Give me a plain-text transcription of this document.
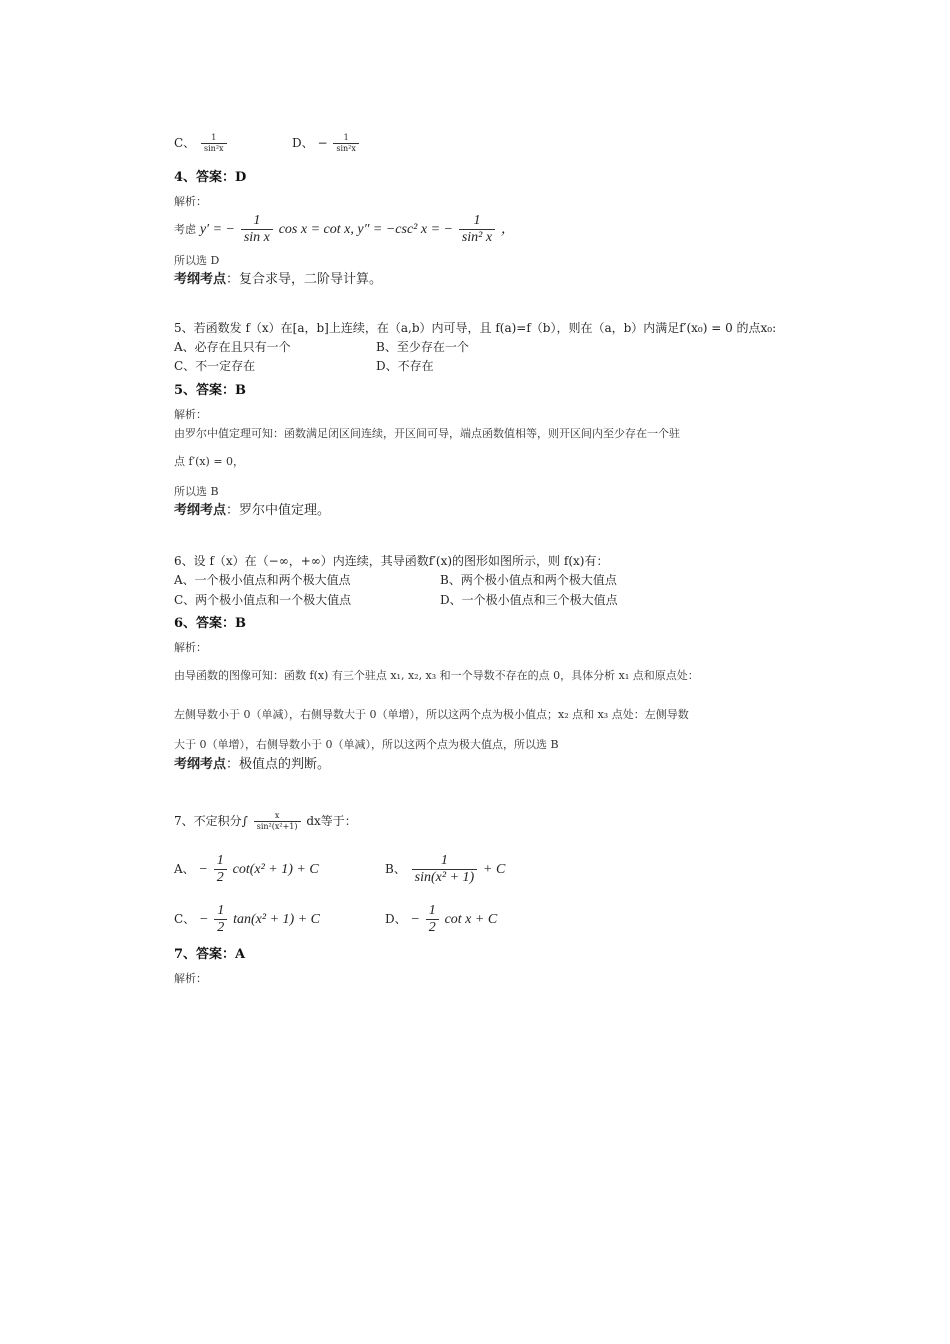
C、 $\frac{1}{\text{sin²x}}$	D、 − $\frac{1}{\text{sin²x}}$
4、答案：D
解析：
考虑 y′ = − $\frac{1}{\text{sin x}}$ cos x = cot x, y″ = −csc² x = − $\frac{1}{\text{sin² x}}$ ，
所以选 D
考纲考点：复合求导，二阶导计算。
5、若函数发 f（x）在[a，b]上连续，在（a,b）内可导，且 f(a)=f（b），则在（a，b）内满足f′(x₀) = 0 的点x₀:
A、必存在且只有一个	B、至少存在一个
C、不一定存在	D、不存在
5、答案：B
解析：
由罗尔中值定理可知：函数满足闭区间连续，开区间可导，端点函数值相等，则开区间内至少存在一个驻
点 f′(x) = 0，
所以选 B
考纲考点：罗尔中值定理。
6、设 f（x）在（−∞，+∞）内连续，其导函数f′(x)的图形如图所示，则 f(x)有：
A、一个极小值点和两个极大值点	B、两个极小值点和两个极大值点
C、两个极小值点和一个极大值点	D、一个极小值点和三个极大值点
6、答案：B
解析：
由导函数的图像可知：函数 f(x) 有三个驻点 x₁, x₂, x₃ 和一个导数不存在的点 0，具体分析 x₁ 点和原点处：
左侧导数小于 0（单减），右侧导数大于 0（单增），所以这两个点为极小值点；x₂ 点和 x₃ 点处：左侧导数
大于 0（单增），右侧导数小于 0（单减），所以这两个点为极大值点，所以选 B
考纲考点：极值点的判断。
7、不定积分∫ $\frac{x}{\text{sin²(x²+1)}}$ dx等于：
A、 − $\frac{1}{2} \cot(x^2 + 1) + C$	B、 $\frac{1}{\text{sin(x² + 1)}} + C$
C、 − $\frac{1}{2} \tan(x^2 + 1) + C$	D、 − $\frac{1}{2}$ cot x + C
7、答案：A
解析：
